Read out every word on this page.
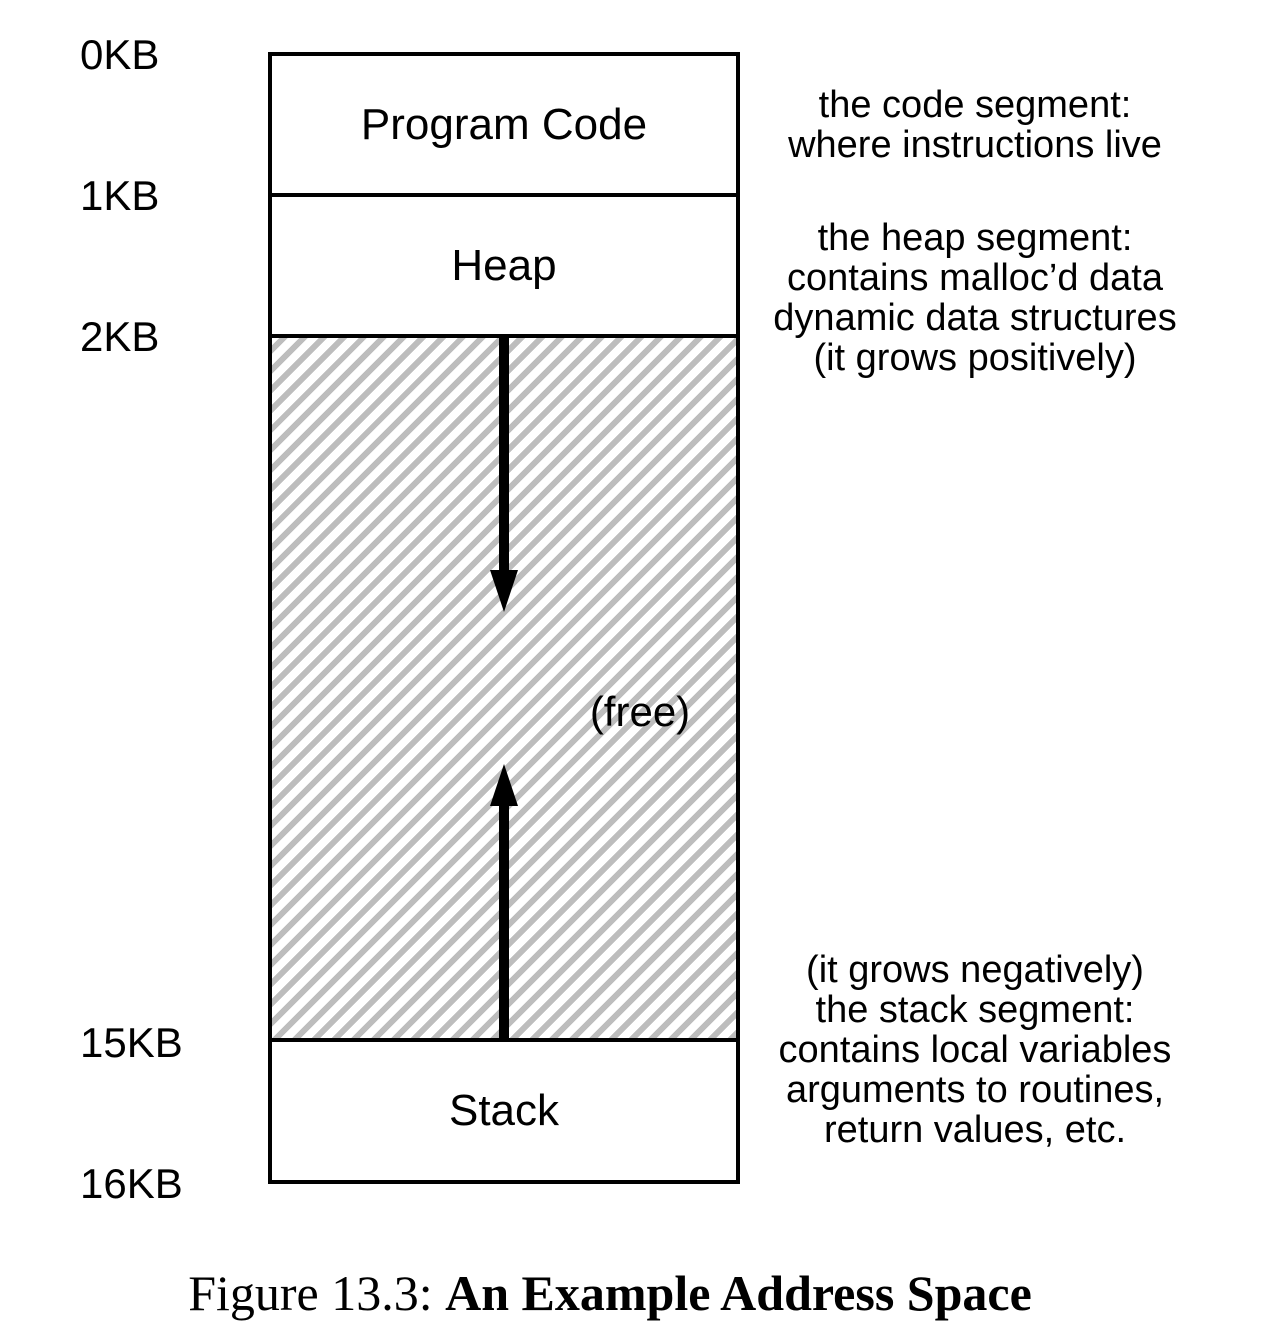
0KB
1KB
2KB
15KB
16KB
Program Code
Heap
Stack
(free)
the code segment:
where instructions live
the heap segment:
contains malloc’d data
dynamic data structures
(it grows positively)
(it grows negatively)
the stack segment:
contains local variables
arguments to routines,
return values, etc.
Figure 13.3: An Example Address Space
